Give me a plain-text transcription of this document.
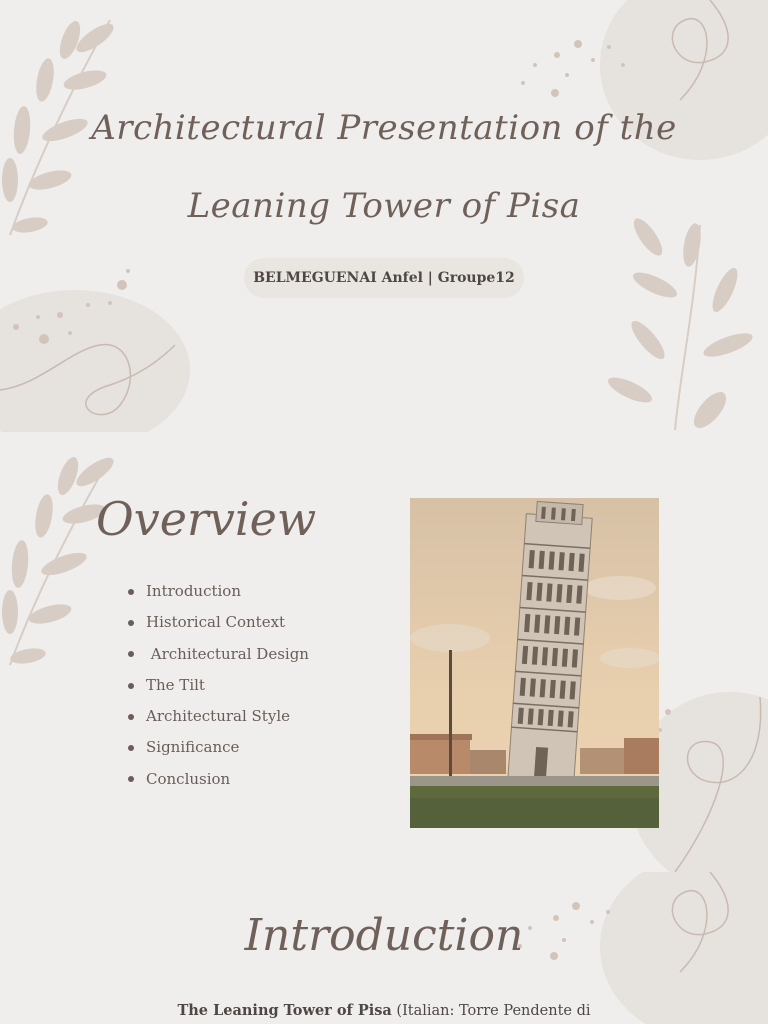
Architectural Presentation of the
Leaning Tower of Pisa
BELMEGUENAI Anfel | Groupe12
Overview
Introduction
Historical Context
Architectural Design
The Tilt
Architectural Style
Significance
Conclusion
Introduction

The Leaning Tower of Pisa (Italian: Torre Pendente di
